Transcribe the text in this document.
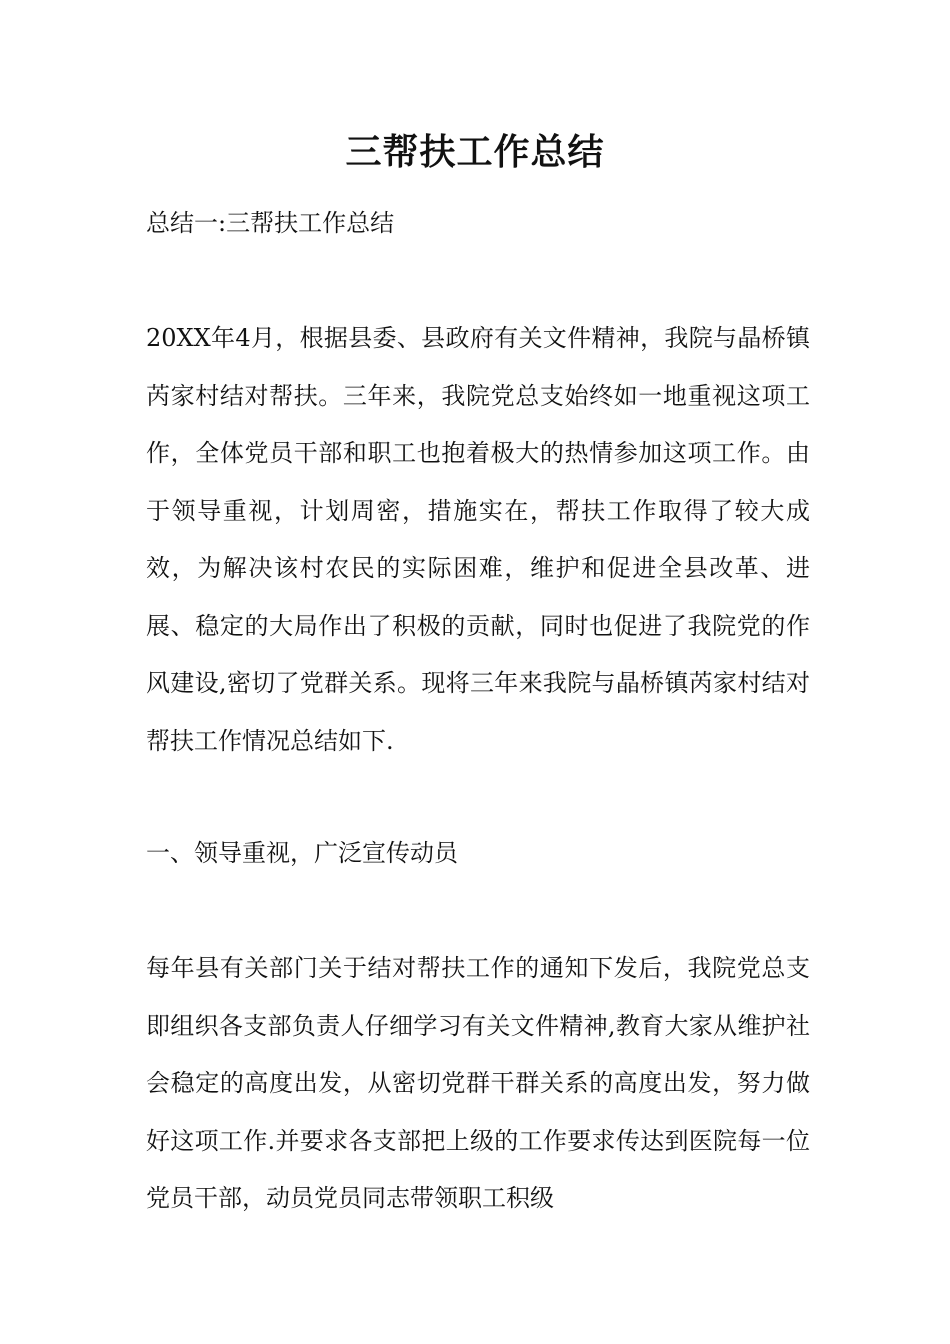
三帮扶工作总结
总结一:三帮扶工作总结
20XX年4月，根据县委、县政府有关文件精神，我院与晶桥镇芮家村结对帮扶。三年来，我院党总支始终如一地重视这项工作，全体党员干部和职工也抱着极大的热情参加这项工作。由于领导重视，计划周密，措施实在，帮扶工作取得了较大成效，为解决该村农民的实际困难，维护和促进全县改革、进展、稳定的大局作出了积极的贡献，同时也促进了我院党的作风建设,密切了党群关系。现将三年来我院与晶桥镇芮家村结对帮扶工作情况总结如下.
一、领导重视，广泛宣传动员
每年县有关部门关于结对帮扶工作的通知下发后，我院党总支即组织各支部负责人仔细学习有关文件精神,教育大家从维护社会稳定的高度出发，从密切党群干群关系的高度出发，努力做好这项工作.并要求各支部把上级的工作要求传达到医院每一位党员干部，动员党员同志带领职工积级
